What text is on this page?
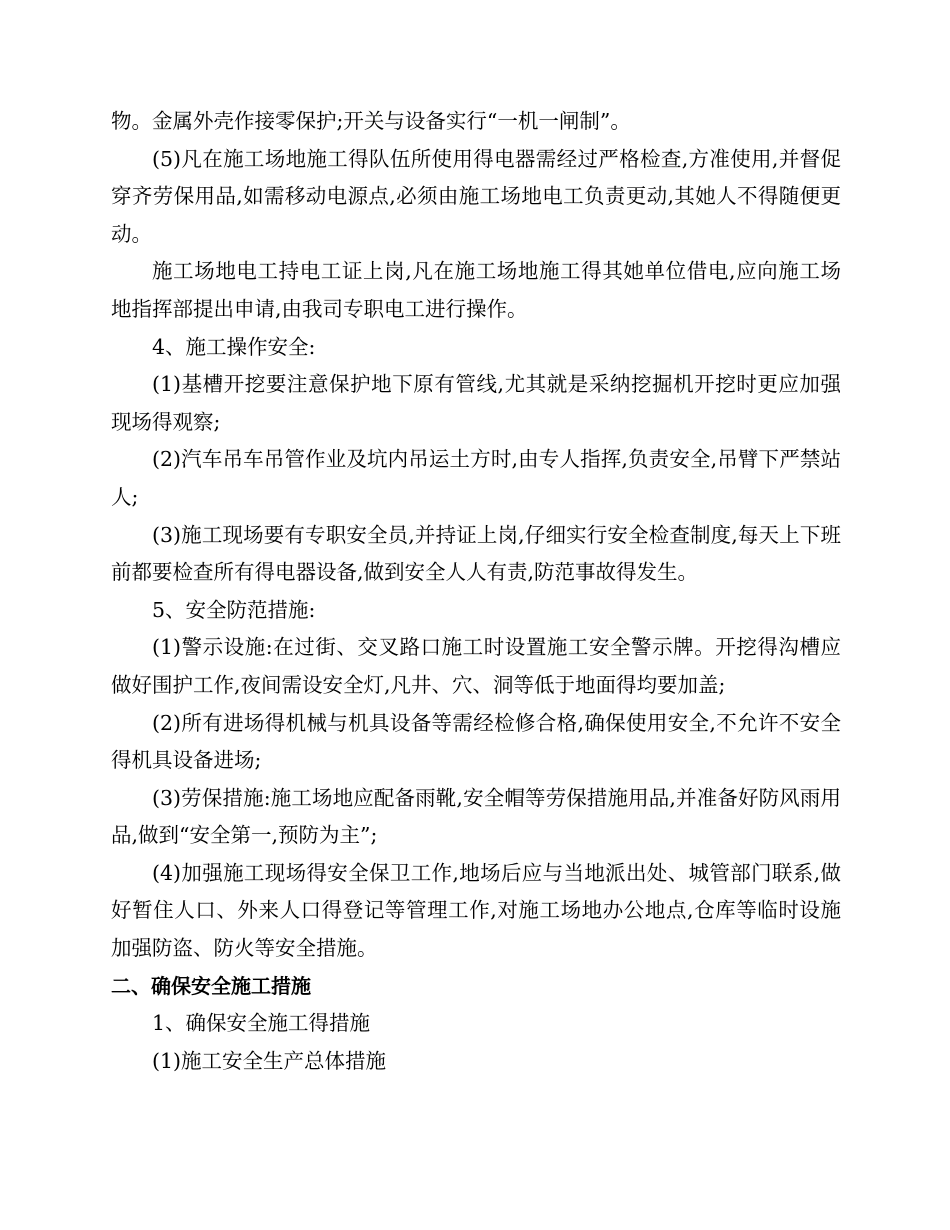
物。金属外壳作接零保护;开关与设备实行“一机一闸制”。

(5)凡在施工场地施工得队伍所使用得电器需经过严格检查,方准使用,并督促穿齐劳保用品,如需移动电源点,必须由施工场地电工负责更动,其她人不得随便更动。

施工场地电工持电工证上岗,凡在施工场地施工得其她单位借电,应向施工场地指挥部提出申请,由我司专职电工进行操作。

4、施工操作安全:

(1)基槽开挖要注意保护地下原有管线,尤其就是采纳挖掘机开挖时更应加强现场得观察;

(2)汽车吊车吊管作业及坑内吊运土方时,由专人指挥,负责安全,吊臂下严禁站人;

(3)施工现场要有专职安全员,并持证上岗,仔细实行安全检查制度,每天上下班前都要检查所有得电器设备,做到安全人人有责,防范事故得发生。

5、安全防范措施:

(1)警示设施:在过街、交叉路口施工时设置施工安全警示牌。开挖得沟槽应做好围护工作,夜间需设安全灯,凡井、穴、洞等低于地面得均要加盖;

(2)所有进场得机械与机具设备等需经检修合格,确保使用安全,不允许不安全得机具设备进场;

(3)劳保措施:施工场地应配备雨靴,安全帽等劳保措施用品,并准备好防风雨用品,做到“安全第一,预防为主”;

(4)加强施工现场得安全保卫工作,地场后应与当地派出处、城管部门联系,做好暂住人口、外来人口得登记等管理工作,对施工场地办公地点,仓库等临时设施加强防盗、防火等安全措施。

二、确保安全施工措施

1、确保安全施工得措施

(1)施工安全生产总体措施
